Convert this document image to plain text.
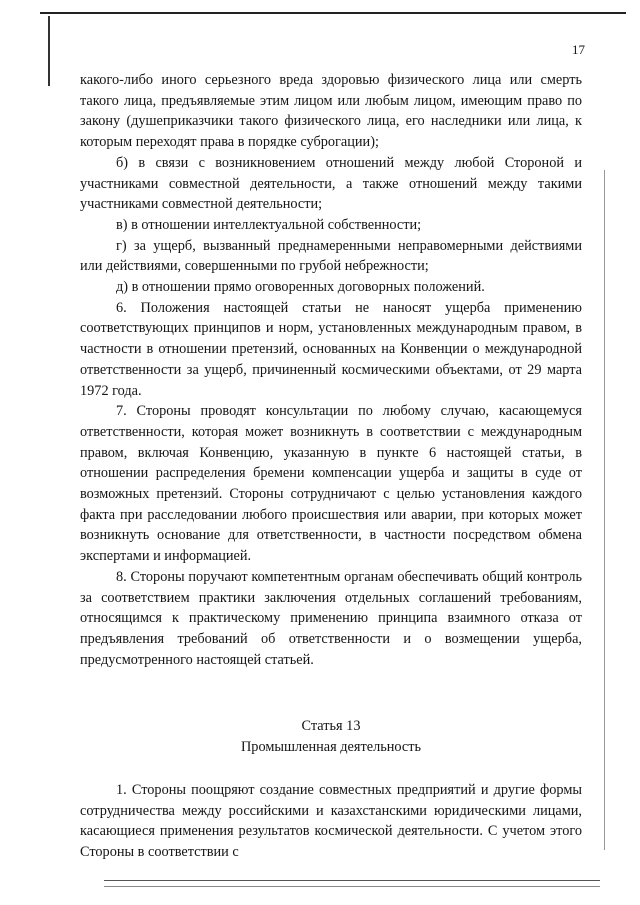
17

какого-либо иного серьезного вреда здоровью физического лица или смерть такого лица, предъявляемые этим лицом или любым лицом, имеющим право по закону (душеприказчики такого физического лица, его наследники или лица, к которым переходят права в порядке суброгации);

б) в связи с возникновением отношений между любой Стороной и участниками совместной деятельности, а также отношений между такими участниками совместной деятельности;

в) в отношении интеллектуальной собственности;

г) за ущерб, вызванный преднамеренными неправомерными действиями или действиями, совершенными по грубой небрежности;

д) в отношении прямо оговоренных договорных положений.

6. Положения настоящей статьи не наносят ущерба применению соответствующих принципов и норм, установленных международным правом, в частности в отношении претензий, основанных на Конвенции о международной ответственности за ущерб, причиненный космическими объектами, от 29 марта 1972 года.

7. Стороны проводят консультации по любому случаю, касающемуся ответственности, которая может возникнуть в соответствии с международным правом, включая Конвенцию, указанную в пункте 6 настоящей статьи, в отношении распределения бремени компенсации ущерба и защиты в суде от возможных претензий. Стороны сотрудничают с целью установления каждого факта при расследовании любого происшествия или аварии, при которых может возникнуть основание для ответственности, в частности посредством обмена экспертами и информацией.

8. Стороны поручают компетентным органам обеспечивать общий контроль за соответствием практики заключения отдельных соглашений требованиям, относящимся к практическому применению принципа взаимного отказа от предъявления требований об ответственности и о возмещении ущерба, предусмотренного настоящей статьей.

Статья 13
Промышленная деятельность

1. Стороны поощряют создание совместных предприятий и другие формы сотрудничества между российскими и казахстанскими юридическими лицами, касающиеся применения результатов космической деятельности. С учетом этого Стороны в соответствии с
